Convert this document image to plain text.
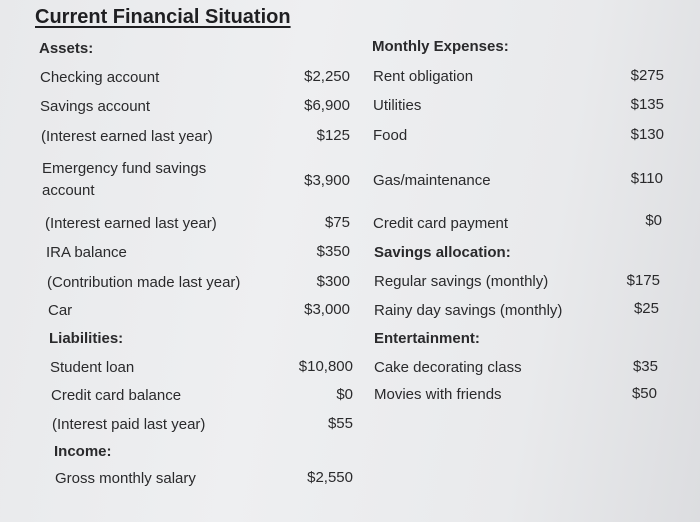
Current Financial Situation
Assets:
Checking account	$2,250
Savings account	$6,900
(Interest earned last year)	$125
Emergency fund savings account
$3,900
(Interest earned last year)	$75
IRA balance	$350
(Contribution made last year)	$300
Car	$3,000
Liabilities:
Student loan	$10,800
Credit card balance	$0
(Interest paid last year)	$55
Income:
Gross monthly salary	$2,550
Monthly Expenses:
Rent obligation	$275
Utilities	$135
Food	$130
Gas/maintenance	$110
Credit card payment	$0
Savings allocation:
Regular savings (monthly)	$175
Rainy day savings (monthly)	$25
Entertainment:
Cake decorating class	$35
Movies with friends	$50
